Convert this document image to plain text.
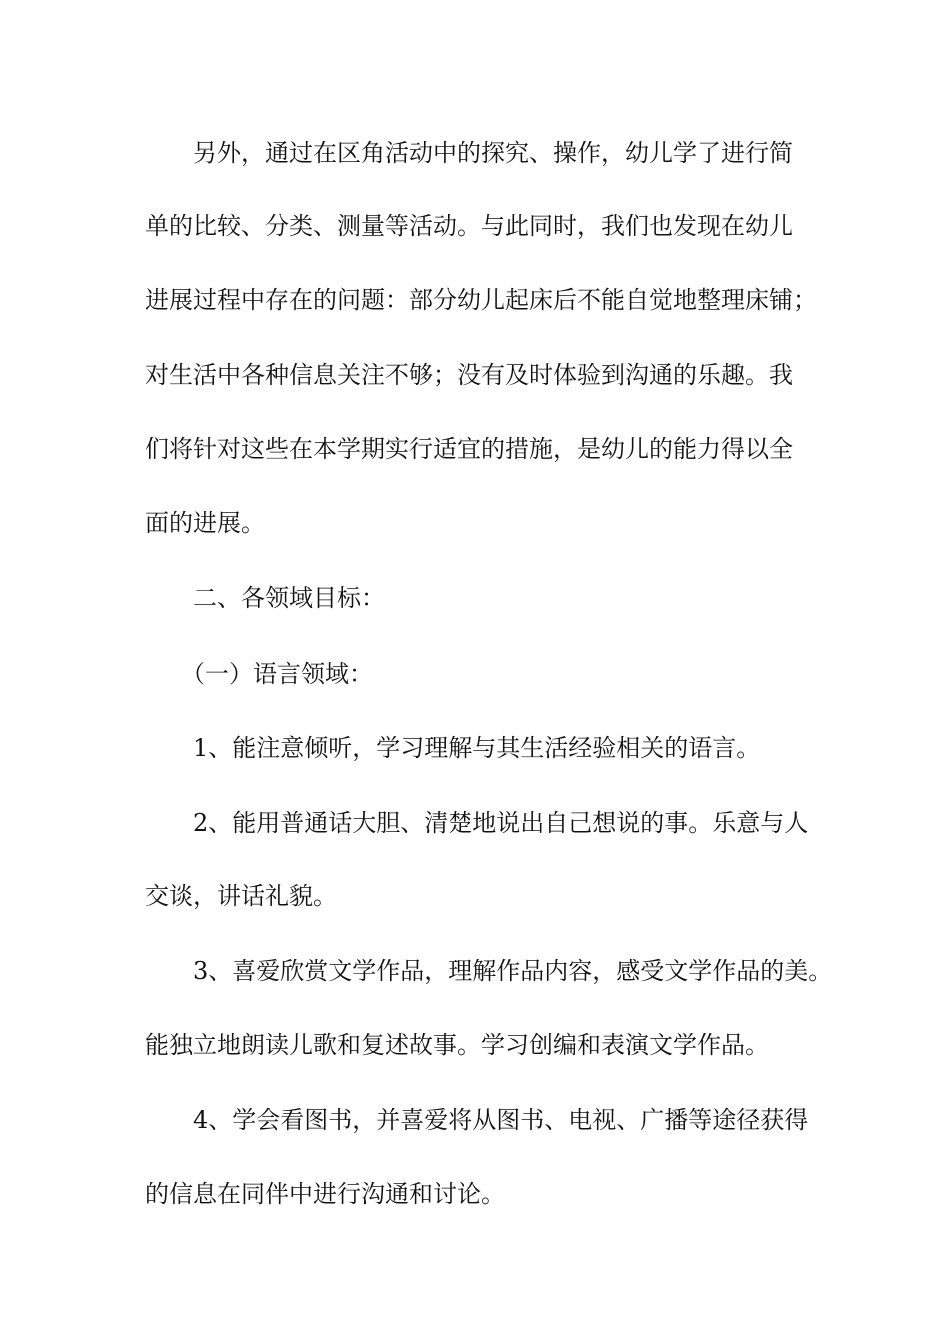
另外，通过在区角活动中的探究、操作，幼儿学了进行简
单的比较、分类、测量等活动。与此同时，我们也发现在幼儿
进展过程中存在的问题：部分幼儿起床后不能自觉地整理床铺；
对生活中各种信息关注不够；没有及时体验到沟通的乐趣。我
们将针对这些在本学期实行适宜的措施，是幼儿的能力得以全
面的进展。
二、各领域目标：
（一）语言领域：
1、能注意倾听，学习理解与其生活经验相关的语言。
2、能用普通话大胆、清楚地说出自己想说的事。乐意与人
交谈，讲话礼貌。
3、喜爱欣赏文学作品，理解作品内容，感受文学作品的美。
能独立地朗读儿歌和复述故事。学习创编和表演文学作品。
4、学会看图书，并喜爱将从图书、电视、广播等途径获得
的信息在同伴中进行沟通和讨论。
